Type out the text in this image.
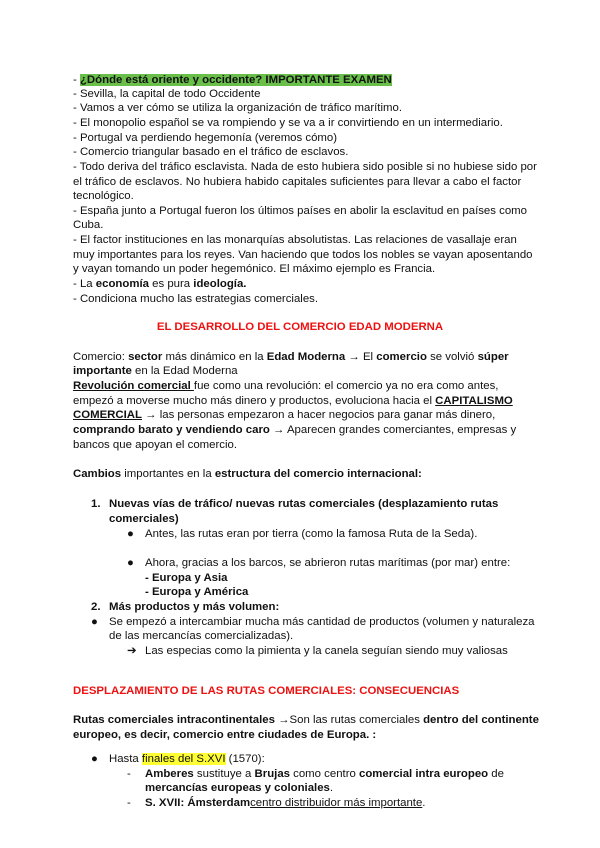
- ¿Dónde está oriente y occidente? IMPORTANTE EXAMEN
- Sevilla, la capital de todo Occidente
- Vamos a ver cómo se utiliza la organización de tráfico marítimo.
- El monopolio español se va rompiendo y se va a ir convirtiendo en un intermediario.
- Portugal va perdiendo hegemonía (veremos cómo)
- Comercio triangular basado en el tráfico de esclavos.
- Todo deriva del tráfico esclavista. Nada de esto hubiera sido posible si no hubiese sido por
el tráfico de esclavos. No hubiera habido capitales suficientes para llevar a cabo el factor
tecnológico.
- España junto a Portugal fueron los últimos países en abolir la esclavitud en países como
Cuba.
- El factor instituciones en las monarquías absolutistas. Las relaciones de vasallaje eran
muy importantes para los reyes. Van haciendo que todos los nobles se vayan aposentando
y vayan tomando un poder hegemónico. El máximo ejemplo es Francia.
- La economía es pura ideología.
- Condiciona mucho las estrategias comerciales.
EL DESARROLLO DEL COMERCIO EDAD MODERNA
Comercio: sector más dinámico en la Edad Moderna → El comercio se volvió súper
importante en la Edad Moderna
Revolución comercial fue como una revolución: el comercio ya no era como antes,
empezó a moverse mucho más dinero y productos, evoluciona hacia el CAPITALISMO
COMERCIAL → las personas empezaron a hacer negocios para ganar más dinero,
comprando barato y vendiendo caro → Aparecen grandes comerciantes, empresas y
bancos que apoyan el comercio.
Cambios importantes en la estructura del comercio internacional:
1. Nuevas vías de tráfico/ nuevas rutas comerciales (desplazamiento rutas
comerciales)
● Antes, las rutas eran por tierra (como la famosa Ruta de la Seda).
● Ahora, gracias a los barcos, se abrieron rutas marítimas (por mar) entre:
- Europa y Asia
- Europa y América
2. Más productos y más volumen:
● Se empezó a intercambiar mucha más cantidad de productos (volumen y naturaleza
de las mercancías comercializadas).
➔ Las especias como la pimienta y la canela seguían siendo muy valiosas
DESPLAZAMIENTO DE LAS RUTAS COMERCIALES: CONSECUENCIAS
Rutas comerciales intracontinentales →Son las rutas comerciales dentro del continente
europeo, es decir, comercio entre ciudades de Europa. :
● Hasta finales del S.XVI (1570):
- Amberes sustituye a Brujas como centro comercial intra europeo de
mercancías europeas y coloniales.
- S. XVII: Ámsterdamcentro distribuidor más importante.
